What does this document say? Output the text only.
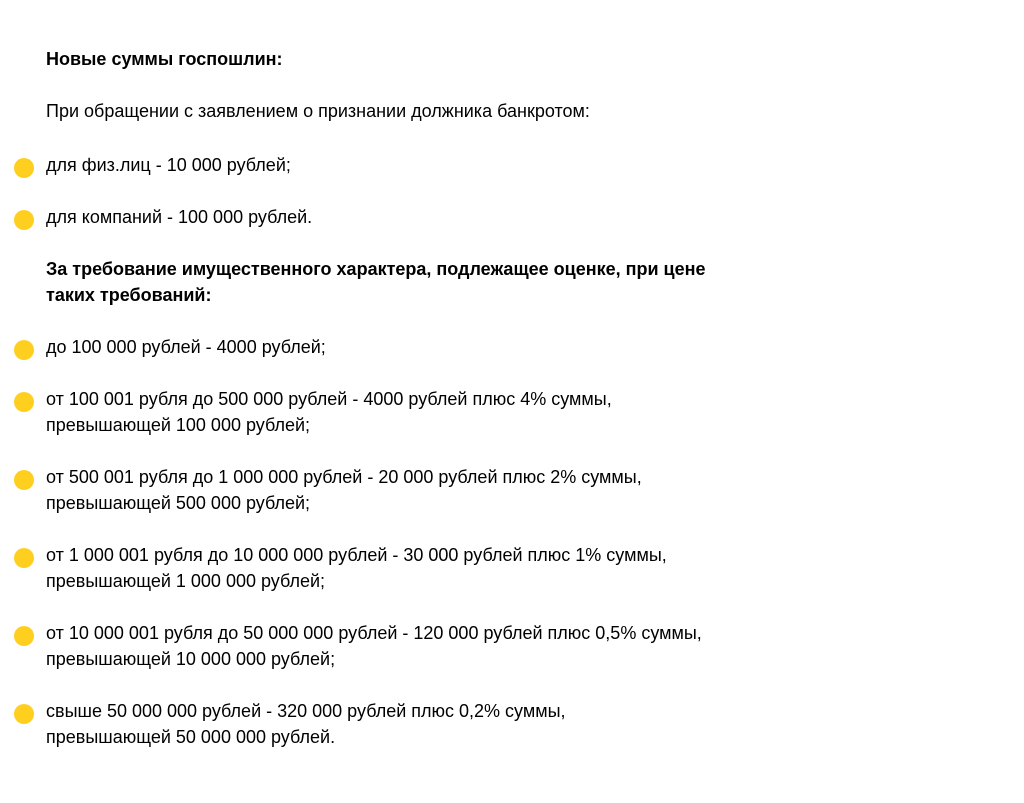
Новые суммы госпошлин:

При обращении с заявлением о признании должника банкротом:

для физ.лиц - 10 000 рублей;

для компаний - 100 000 рублей.

За требование имущественного характера, подлежащее оценке, при цене
таких требований:

до 100 000 рублей - 4000 рублей;

от 100 001 рубля до 500 000 рублей - 4000 рублей плюс 4% суммы,
превышающей 100 000 рублей;

от 500 001 рубля до 1 000 000 рублей - 20 000 рублей плюс 2% суммы,
превышающей 500 000 рублей;

от 1 000 001 рубля до 10 000 000 рублей - 30 000 рублей плюс 1% суммы,
превышающей 1 000 000 рублей;

от 10 000 001 рубля до 50 000 000 рублей - 120 000 рублей плюс 0,5% суммы,
превышающей 10 000 000 рублей;

свыше 50 000 000 рублей - 320 000 рублей плюс 0,2% суммы,
превышающей 50 000 000 рублей.
